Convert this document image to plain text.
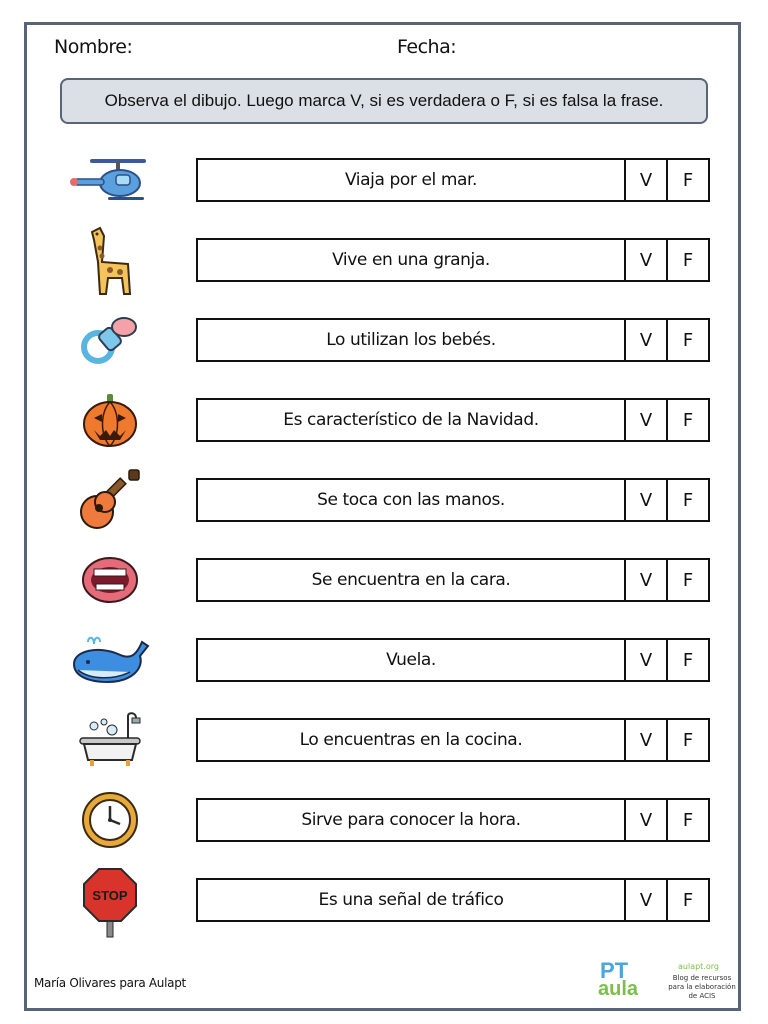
Nombre:	Fecha:
Observa el dibujo. Luego marca V, si es verdadera o F, si es falsa la frase.
Viaja por el mar.	V	F
Vive en una granja.	V	F
Lo utilizan los bebés.	V	F
Es característico de la Navidad.	V	F
Se toca con las manos.	V	F
Se encuentra en la cara.	V	F
Vuela.	V	F
Lo encuentras en la cocina.	V	F
Sirve para conocer la hora.	V	F
STOP	Es una señal de tráfico	V	F
María Olivares para Aulapt	PT
aula
aulapt.org
Blog de recursos para la elaboración de ACIS
